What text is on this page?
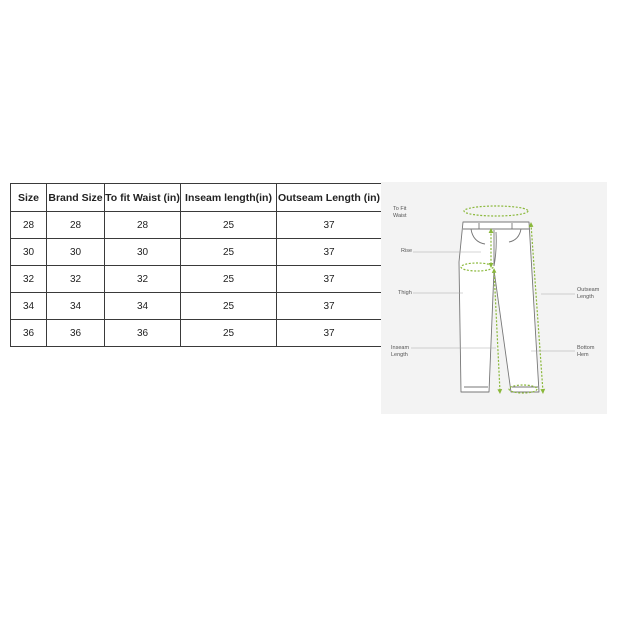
Size	Brand Size	To fit Waist (in)	Inseam length(in)	Outseam Length (in)
28	28	28	25	37
30	30	30	25	37
32	32	32	25	37
34	34	34	25	37
36	36	36	25	37
To Fit
Waist
Rise
Thigh
Inseam
Length
Outseam
Length
Bottom
Hem
